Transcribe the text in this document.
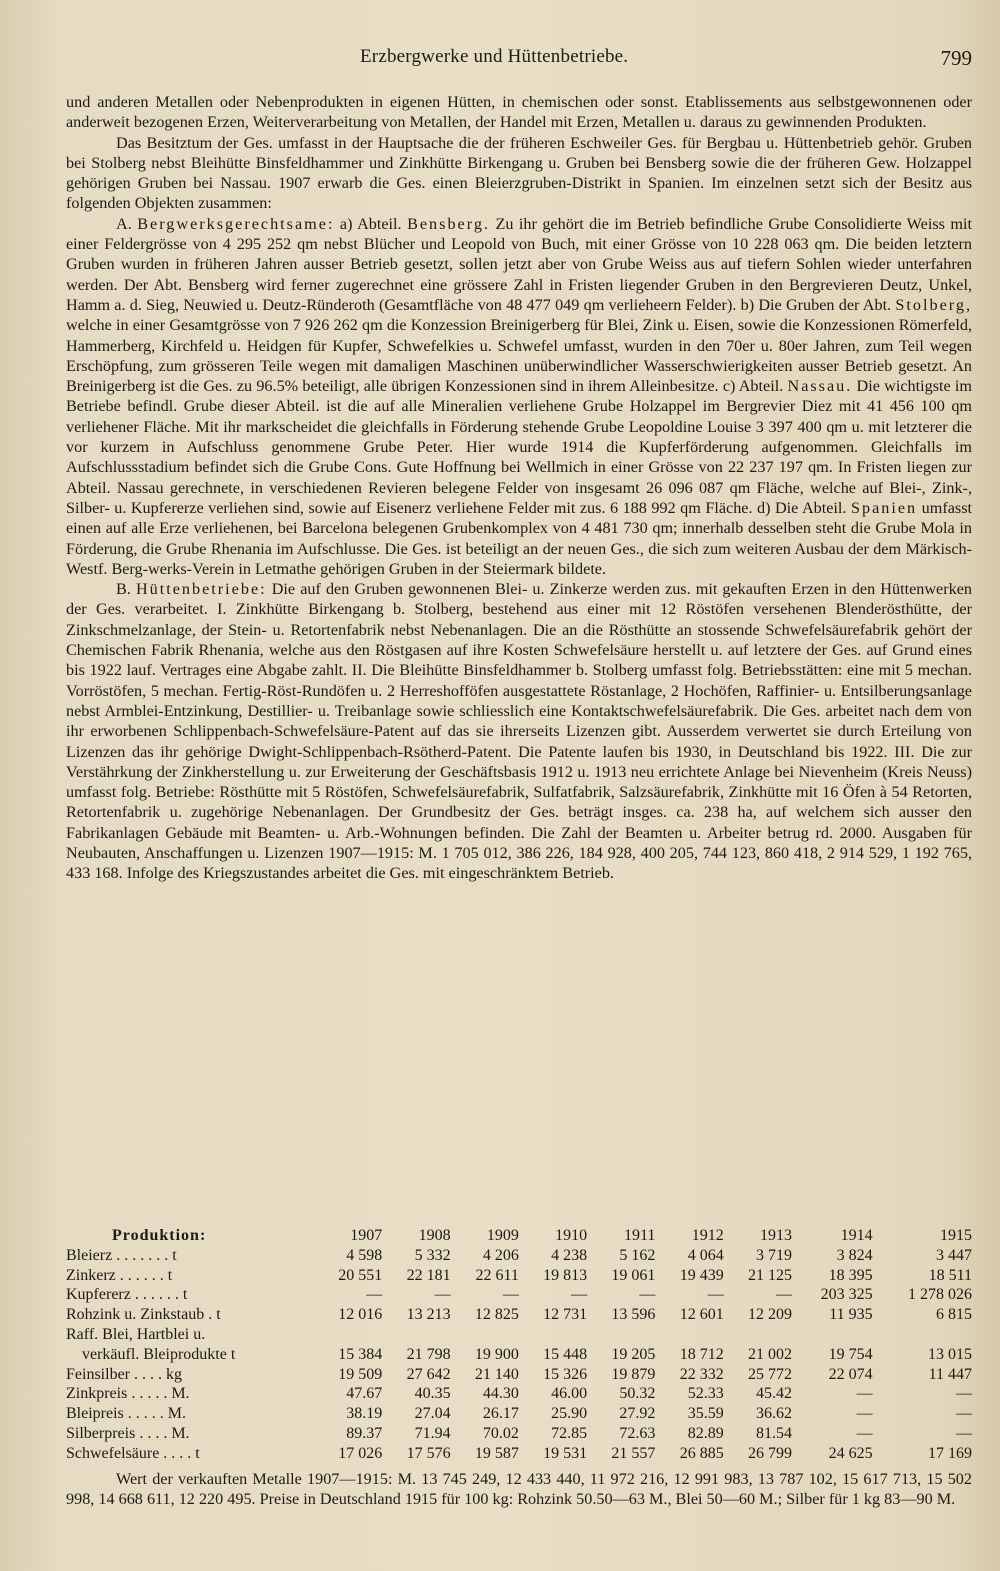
Erzbergwerke und Hüttenbetriebe.	799

und anderen Metallen oder Nebenprodukten in eigenen Hütten, in chemischen oder sonst. Etablissements aus selbstgewonnenen oder anderweit bezogenen Erzen, Weiterverarbeitung von Metallen, der Handel mit Erzen, Metallen u. daraus zu gewinnenden Produkten.

Das Besitztum der Ges. umfasst in der Hauptsache die der früheren Eschweiler Ges. für Bergbau u. Hüttenbetrieb gehör. Gruben bei Stolberg nebst Bleihütte Binsfeldhammer und Zinkhütte Birkengang u. Gruben bei Bensberg sowie die der früheren Gew. Holzappel gehörigen Gruben bei Nassau. 1907 erwarb die Ges. einen Bleierzgruben-Distrikt in Spanien. Im einzelnen setzt sich der Besitz aus folgenden Objekten zusammen:

A. Bergwerksgerechtsame: a) Abteil. Bensberg. Zu ihr gehört die im Betrieb befindliche Grube Consolidierte Weiss mit einer Feldergrösse von 4 295 252 qm nebst Blücher und Leopold von Buch, mit einer Grösse von 10 228 063 qm. Die beiden letztern Gruben wurden in früheren Jahren ausser Betrieb gesetzt, sollen jetzt aber von Grube Weiss aus auf tiefern Sohlen wieder unterfahren werden. Der Abt. Bensberg wird ferner zugerechnet eine grössere Zahl in Fristen liegender Gruben in den Bergrevieren Deutz, Unkel, Hamm a. d. Sieg, Neuwied u. Deutz-Ründeroth (Gesamtfläche von 48 477 049 qm verlieheern Felder). b) Die Gruben der Abt. Stolberg, welche in einer Gesamtgrösse von 7 926 262 qm die Konzession Breinigerberg für Blei, Zink u. Eisen, sowie die Konzessionen Römerfeld, Hammerberg, Kirchfeld u. Heidgen für Kupfer, Schwefelkies u. Schwefel umfasst, wurden in den 70er u. 80er Jahren, zum Teil wegen Erschöpfung, zum grösseren Teile wegen mit damaligen Maschinen unüberwindlicher Wasserschwierigkeiten ausser Betrieb gesetzt. An Breinigerberg ist die Ges. zu 96.5% beteiligt, alle übrigen Konzessionen sind in ihrem Alleinbesitze. c) Abteil. Nassau. Die wichtigste im Betriebe befindl. Grube dieser Abteil. ist die auf alle Mineralien verliehene Grube Holzappel im Bergrevier Diez mit 41 456 100 qm verliehener Fläche. Mit ihr markscheidet die gleichfalls in Förderung stehende Grube Leopoldine Louise 3 397 400 qm u. mit letzterer die vor kurzem in Aufschluss genommene Grube Peter. Hier wurde 1914 die Kupferförderung aufgenommen. Gleichfalls im Aufschlussstadium befindet sich die Grube Cons. Gute Hoffnung bei Wellmich in einer Grösse von 22 237 197 qm. In Fristen liegen zur Abteil. Nassau gerechnete, in verschiedenen Revieren belegene Felder von insgesamt 26 096 087 qm Fläche, welche auf Blei-, Zink-, Silber- u. Kupfererze verliehen sind, sowie auf Eisenerz verliehene Felder mit zus. 6 188 992 qm Fläche. d) Die Abteil. Spanien umfasst einen auf alle Erze verliehenen, bei Barcelona belegenen Grubenkomplex von 4 481 730 qm; innerhalb desselben steht die Grube Mola in Förderung, die Grube Rhenania im Aufschlusse. Die Ges. ist beteiligt an der neuen Ges., die sich zum weiteren Ausbau der dem Märkisch-Westf. Berg-werks-Verein in Letmathe gehörigen Gruben in der Steiermark bildete.

B. Hüttenbetriebe: Die auf den Gruben gewonnenen Blei- u. Zinkerze werden zus. mit gekauften Erzen in den Hüttenwerken der Ges. verarbeitet. I. Zinkhütte Birkengang b. Stolberg, bestehend aus einer mit 12 Röstöfen versehenen Blenderösthütte, der Zinkschmelzanlage, der Stein- u. Retortenfabrik nebst Nebenanlagen. Die an die Rösthütte an stossende Schwefelsäurefabrik gehört der Chemischen Fabrik Rhenania, welche aus den Röstgasen auf ihre Kosten Schwefelsäure herstellt u. auf letztere der Ges. auf Grund eines bis 1922 lauf. Vertrages eine Abgabe zahlt. II. Die Bleihütte Binsfeldhammer b. Stolberg umfasst folg. Betriebsstätten: eine mit 5 mechan. Vorröstöfen, 5 mechan. Fertig-Röst-Rundöfen u. 2 Herreshofföfen ausgestattete Röstanlage, 2 Hochöfen, Raffinier- u. Entsilberungsanlage nebst Armblei-Entzinkung, Destillier- u. Treibanlage sowie schliesslich eine Kontaktschwefelsäurefabrik. Die Ges. arbeitet nach dem von ihr erworbenen Schlippenbach-Schwefelsäure-Patent auf das sie ihrerseits Lizenzen gibt. Ausserdem verwertet sie durch Erteilung von Lizenzen das ihr gehörige Dwight-Schlippenbach-Rsötherd-Patent. Die Patente laufen bis 1930, in Deutschland bis 1922. III. Die zur Verstährkung der Zinkherstellung u. zur Erweiterung der Geschäftsbasis 1912 u. 1913 neu errichtete Anlage bei Nievenheim (Kreis Neuss) umfasst folg. Betriebe: Rösthütte mit 5 Röstöfen, Schwefelsäurefabrik, Sulfatfabrik, Salzsäurefabrik, Zinkhütte mit 16 Öfen à 54 Retorten, Retortenfabrik u. zugehörige Nebenanlagen. Der Grundbesitz der Ges. beträgt insges. ca. 238 ha, auf welchem sich ausser den Fabrikanlagen Gebäude mit Beamten- u. Arb.-Wohnungen befinden. Die Zahl der Beamten u. Arbeiter betrug rd. 2000. Ausgaben für Neubauten, Anschaffungen u. Lizenzen 1907—1915: M. 1 705 012, 386 226, 184 928, 400 205, 744 123, 860 418, 2 914 529, 1 192 765, 433 168. Infolge des Kriegszustandes arbeitet die Ges. mit eingeschränktem Betrieb.

Produktion:	1907	1908	1909	1910	1911	1912	1913	1914	1915
Bleierz . . . . . . . t	4 598	5 332	4 206	4 238	5 162	4 064	3 719	3 824	3 447
Zinkerz . . . . . . t	20 551	22 181	22 611	19 813	19 061	19 439	21 125	18 395	18 511
Kupfererz . . . . . . t	—	—	—	—	—	—	—	203 325	1 278 026
Rohzink u. Zinkstaub . t	12 016	13 213	12 825	12 731	13 596	12 601	12 209	11 935	6 815
Raff. Blei, Hartblei u.									
verkäufl. Bleiprodukte t	15 384	21 798	19 900	15 448	19 205	18 712	21 002	19 754	13 015
Feinsilber . . . . kg	19 509	27 642	21 140	15 326	19 879	22 332	25 772	22 074	11 447
Zinkpreis . . . . . M.	47.67	40.35	44.30	46.00	50.32	52.33	45.42	—	—
Bleipreis . . . . . M.	38.19	27.04	26.17	25.90	27.92	35.59	36.62	—	—
Silberpreis . . . . M.	89.37	71.94	70.02	72.85	72.63	82.89	81.54	—	—
Schwefelsäure . . . . t	17 026	17 576	19 587	19 531	21 557	26 885	26 799	24 625	17 169

Wert der verkauften Metalle 1907—1915: M. 13 745 249, 12 433 440, 11 972 216, 12 991 983, 13 787 102, 15 617 713, 15 502 998, 14 668 611, 12 220 495. Preise in Deutschland 1915 für 100 kg: Rohzink 50.50—63 M., Blei 50—60 M.; Silber für 1 kg 83—90 M.
